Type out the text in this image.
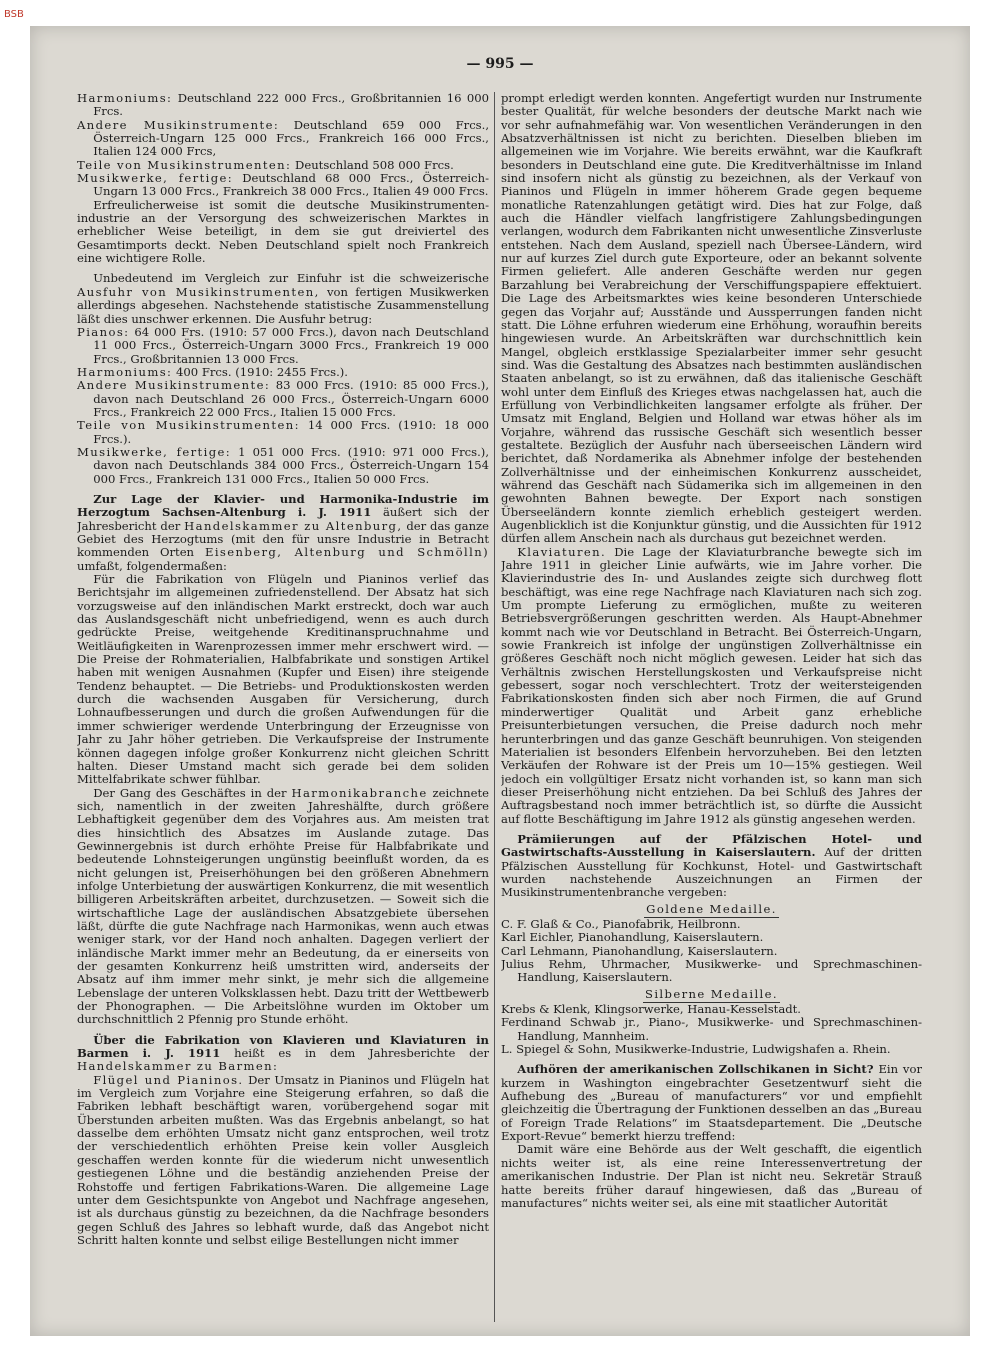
BSB
— 995 —

Harmoniums: Deutschland 222 000 Frcs., Großbritannien 16 000 Frcs.

Andere Musikinstrumente: Deutschland 659 000 Frcs., Österreich-Ungarn 125 000 Frcs., Frankreich 166 000 Frcs., Italien 124 000 Frcs,

Teile von Musikinstrumenten: Deutschland 508 000 Frcs.

Musikwerke, fertige: Deutschland 68 000 Frcs., Österreich-Ungarn 13 000 Frcs., Frankreich 38 000 Frcs., Italien 49 000 Frcs.

Erfreulicherweise ist somit die deutsche Musikinstrumenten-industrie an der Versorgung des schweizerischen Marktes in erheblicher Weise beteiligt, in dem sie gut dreiviertel des Gesamtimports deckt. Neben Deutschland spielt noch Frankreich eine wichtigere Rolle.

Unbedeutend im Vergleich zur Einfuhr ist die schweizerische Ausfuhr von Musikinstrumenten, von fertigen Musikwerken allerdings abgesehen. Nachstehende statistische Zusammenstellung läßt dies unschwer erkennen. Die Ausfuhr betrug:

Pianos: 64 000 Frs. (1910: 57 000 Frcs.), davon nach Deutschland 11 000 Frcs., Österreich-Ungarn 3000 Frcs., Frankreich 19 000 Frcs., Großbritannien 13 000 Frcs.

Harmoniums: 400 Frcs. (1910: 2455 Frcs.).

Andere Musikinstrumente: 83 000 Frcs. (1910: 85 000 Frcs.), davon nach Deutschland 26 000 Frcs., Österreich-Ungarn 6000 Frcs., Frankreich 22 000 Frcs., Italien 15 000 Frcs.

Teile von Musikinstrumenten: 14 000 Frcs. (1910: 18 000 Frcs.).

Musikwerke, fertige: 1 051 000 Frcs. (1910: 971 000 Frcs.), davon nach Deutschlands 384 000 Frcs., Österreich-Ungarn 154 000 Frcs., Frankreich 131 000 Frcs., Italien 50 000 Frcs.

Zur Lage der Klavier- und Harmonika-Industrie im Herzogtum Sachsen-Altenburg i. J. 1911 äußert sich der Jahresbericht der Handelskammer zu Altenburg, der das ganze Gebiet des Herzogtums (mit den für unsre Industrie in Betracht kommenden Orten Eisenberg, Altenburg und Schmölln) umfaßt, folgendermaßen:

Für die Fabrikation von Flügeln und Pianinos verlief das Berichtsjahr im allgemeinen zufriedenstellend. Der Absatz hat sich vorzugsweise auf den inländischen Markt erstreckt, doch war auch das Auslandsgeschäft nicht unbefriedigend, wenn es auch durch gedrückte Preise, weitgehende Kreditinanspruchnahme und Weitläufigkeiten in Warenprozessen immer mehr erschwert wird. — Die Preise der Rohmaterialien, Halbfabrikate und sonstigen Artikel haben mit wenigen Ausnahmen (Kupfer und Eisen) ihre steigende Tendenz behauptet. — Die Betriebs- und Produktionskosten werden durch die wachsenden Ausgaben für Versicherung, durch Lohnaufbesserungen und durch die großen Aufwendungen für die immer schwieriger werdende Unterbringung der Erzeugnisse von Jahr zu Jahr höher getrieben. Die Verkaufspreise der Instrumente können dagegen infolge großer Konkurrenz nicht gleichen Schritt halten. Dieser Umstand macht sich gerade bei dem soliden Mittelfabrikate schwer fühlbar.

Der Gang des Geschäftes in der Harmonikabranche zeichnete sich, namentlich in der zweiten Jahreshälfte, durch größere Lebhaftigkeit gegenüber dem des Vorjahres aus. Am meisten trat dies hinsichtlich des Absatzes im Auslande zutage. Das Gewinnergebnis ist durch erhöhte Preise für Halbfabrikate und bedeutende Lohnsteigerungen ungünstig beeinflußt worden, da es nicht gelungen ist, Preiserhöhungen bei den größeren Abnehmern infolge Unterbietung der auswärtigen Konkurrenz, die mit wesentlich billigeren Arbeitskräften arbeitet, durchzusetzen. — Soweit sich die wirtschaftliche Lage der ausländischen Absatzgebiete übersehen läßt, dürfte die gute Nachfrage nach Harmonikas, wenn auch etwas weniger stark, vor der Hand noch anhalten. Dagegen verliert der inländische Markt immer mehr an Bedeutung, da er einerseits von der gesamten Konkurrenz heiß umstritten wird, anderseits der Absatz auf ihm immer mehr sinkt, je mehr sich die allgemeine Lebenslage der unteren Volksklassen hebt. Dazu tritt der Wettbewerb der Phonographen. — Die Arbeitslöhne wurden im Oktober um durchschnittlich 2 Pfennig pro Stunde erhöht.

Über die Fabrikation von Klavieren und Klaviaturen in Barmen i. J. 1911 heißt es in dem Jahresberichte der Handelskammer zu Barmen:

Flügel und Pianinos. Der Umsatz in Pianinos und Flügeln hat im Vergleich zum Vorjahre eine Steigerung erfahren, so daß die Fabriken lebhaft beschäftigt waren, vorübergehend sogar mit Überstunden arbeiten mußten. Was das Ergebnis anbelangt, so hat dasselbe dem erhöhten Umsatz nicht ganz entsprochen, weil trotz der verschiedentlich erhöhten Preise kein voller Ausgleich geschaffen werden konnte für die wiederum nicht unwesentlich gestiegenen Löhne und die beständig anziehenden Preise der Rohstoffe und fertigen Fabrikations-Waren. Die allgemeine Lage unter dem Gesichtspunkte von Angebot und Nachfrage angesehen, ist als durchaus günstig zu bezeichnen, da die Nachfrage besonders gegen Schluß des Jahres so lebhaft wurde, daß das Angebot nicht Schritt halten konnte und selbst eilige Bestellungen nicht immer

prompt erledigt werden konnten. Angefertigt wurden nur Instrumente bester Qualität, für welche besonders der deutsche Markt nach wie vor sehr aufnahmefähig war. Von wesentlichen Veränderungen in den Absatzverhältnissen ist nicht zu berichten. Dieselben blieben im allgemeinen wie im Vorjahre. Wie bereits erwähnt, war die Kaufkraft besonders in Deutschland eine gute. Die Kreditverhältnisse im Inland sind insofern nicht als günstig zu bezeichnen, als der Verkauf von Pianinos und Flügeln in immer höherem Grade gegen bequeme monatliche Ratenzahlungen getätigt wird. Dies hat zur Folge, daß auch die Händler vielfach langfristigere Zahlungsbedingungen verlangen, wodurch dem Fabrikanten nicht unwesentliche Zinsverluste entstehen. Nach dem Ausland, speziell nach Übersee-Ländern, wird nur auf kurzes Ziel durch gute Exporteure, oder an bekannt solvente Firmen geliefert. Alle anderen Geschäfte werden nur gegen Barzahlung bei Verabreichung der Verschiffungspapiere effektuiert. Die Lage des Arbeitsmarktes wies keine besonderen Unterschiede gegen das Vorjahr auf; Ausstände und Aussperrungen fanden nicht statt. Die Löhne erfuhren wiederum eine Erhöhung, woraufhin bereits hingewiesen wurde. An Arbeitskräften war durchschnittlich kein Mangel, obgleich erstklassige Spezialarbeiter immer sehr gesucht sind. Was die Gestaltung des Absatzes nach bestimmten ausländischen Staaten anbelangt, so ist zu erwähnen, daß das italienische Geschäft wohl unter dem Einfluß des Krieges etwas nachgelassen hat, auch die Erfüllung von Verbindlichkeiten langsamer erfolgte als früher. Der Umsatz mit England, Belgien und Holland war etwas höher als im Vorjahre, während das russische Geschäft sich wesentlich besser gestaltete. Bezüglich der Ausfuhr nach überseeischen Ländern wird berichtet, daß Nordamerika als Abnehmer infolge der bestehenden Zollverhältnisse und der einheimischen Konkurrenz ausscheidet, während das Geschäft nach Südamerika sich im allgemeinen in den gewohnten Bahnen bewegte. Der Export nach sonstigen Überseeländern konnte ziemlich erheblich gesteigert werden. Augenblicklich ist die Konjunktur günstig, und die Aussichten für 1912 dürfen allem Anschein nach als durchaus gut bezeichnet werden.

Klaviaturen. Die Lage der Klaviaturbranche bewegte sich im Jahre 1911 in gleicher Linie aufwärts, wie im Jahre vorher. Die Klavierindustrie des In- und Auslandes zeigte sich durchweg flott beschäftigt, was eine rege Nachfrage nach Klaviaturen nach sich zog. Um prompte Lieferung zu ermöglichen, mußte zu weiteren Betriebsvergrößerungen geschritten werden. Als Haupt-Abnehmer kommt nach wie vor Deutschland in Betracht. Bei Österreich-Ungarn, sowie Frankreich ist infolge der ungünstigen Zollverhältnisse ein größeres Geschäft noch nicht möglich gewesen. Leider hat sich das Verhältnis zwischen Herstellungskosten und Verkaufspreise nicht gebessert, sogar noch verschlechtert. Trotz der weitersteigenden Fabrikationskosten finden sich aber noch Firmen, die auf Grund minderwertiger Qualität und Arbeit ganz erhebliche Preisunterbietungen versuchen, die Preise dadurch noch mehr herunterbringen und das ganze Geschäft beunruhigen. Von steigenden Materialien ist besonders Elfenbein hervorzuheben. Bei den letzten Verkäufen der Rohware ist der Preis um 10—15% gestiegen. Weil jedoch ein vollgültiger Ersatz nicht vorhanden ist, so kann man sich dieser Preiserhöhung nicht entziehen. Da bei Schluß des Jahres der Auftragsbestand noch immer beträchtlich ist, so dürfte die Aussicht auf flotte Beschäftigung im Jahre 1912 als günstig angesehen werden.

Prämiierungen auf der Pfälzischen Hotel- und Gastwirtschafts-Ausstellung in Kaiserslautern. Auf der dritten Pfälzischen Ausstellung für Kochkunst, Hotel- und Gastwirtschaft wurden nachstehende Auszeichnungen an Firmen der Musikinstrumentenbranche vergeben:

Goldene Medaille.

C. F. Glaß & Co., Pianofabrik, Heilbronn.

Karl Eichler, Pianohandlung, Kaiserslautern.

Carl Lehmann, Pianohandlung, Kaiserslautern.

Julius Rehm, Uhrmacher, Musikwerke- und Sprechmaschinen-Handlung, Kaiserslautern.

Silberne Medaille.

Krebs & Klenk, Klingsorwerke, Hanau-Kesselstadt.

Ferdinand Schwab jr., Piano-, Musikwerke- und Sprechmaschinen-Handlung, Mannheim.

L. Spiegel & Sohn, Musikwerke-Industrie, Ludwigshafen a. Rhein.

Aufhören der amerikanischen Zollschikanen in Sicht? Ein vor kurzem in Washington eingebrachter Gesetzentwurf sieht die Aufhebung des „Bureau of manufacturers“ vor und empfiehlt gleichzeitig die Übertragung der Funktionen desselben an das „Bureau of Foreign Trade Relations“ im Staatsdepartement. Die „Deutsche Export-Revue“ bemerkt hierzu treffend:

Damit wäre eine Behörde aus der Welt geschafft, die eigentlich nichts weiter ist, als eine reine Interessenvertretung der amerikanischen Industrie. Der Plan ist nicht neu. Sekretär Strauß hatte bereits früher darauf hingewiesen, daß das „Bureau of manufactures“ nichts weiter sei, als eine mit staatlicher Autorität
